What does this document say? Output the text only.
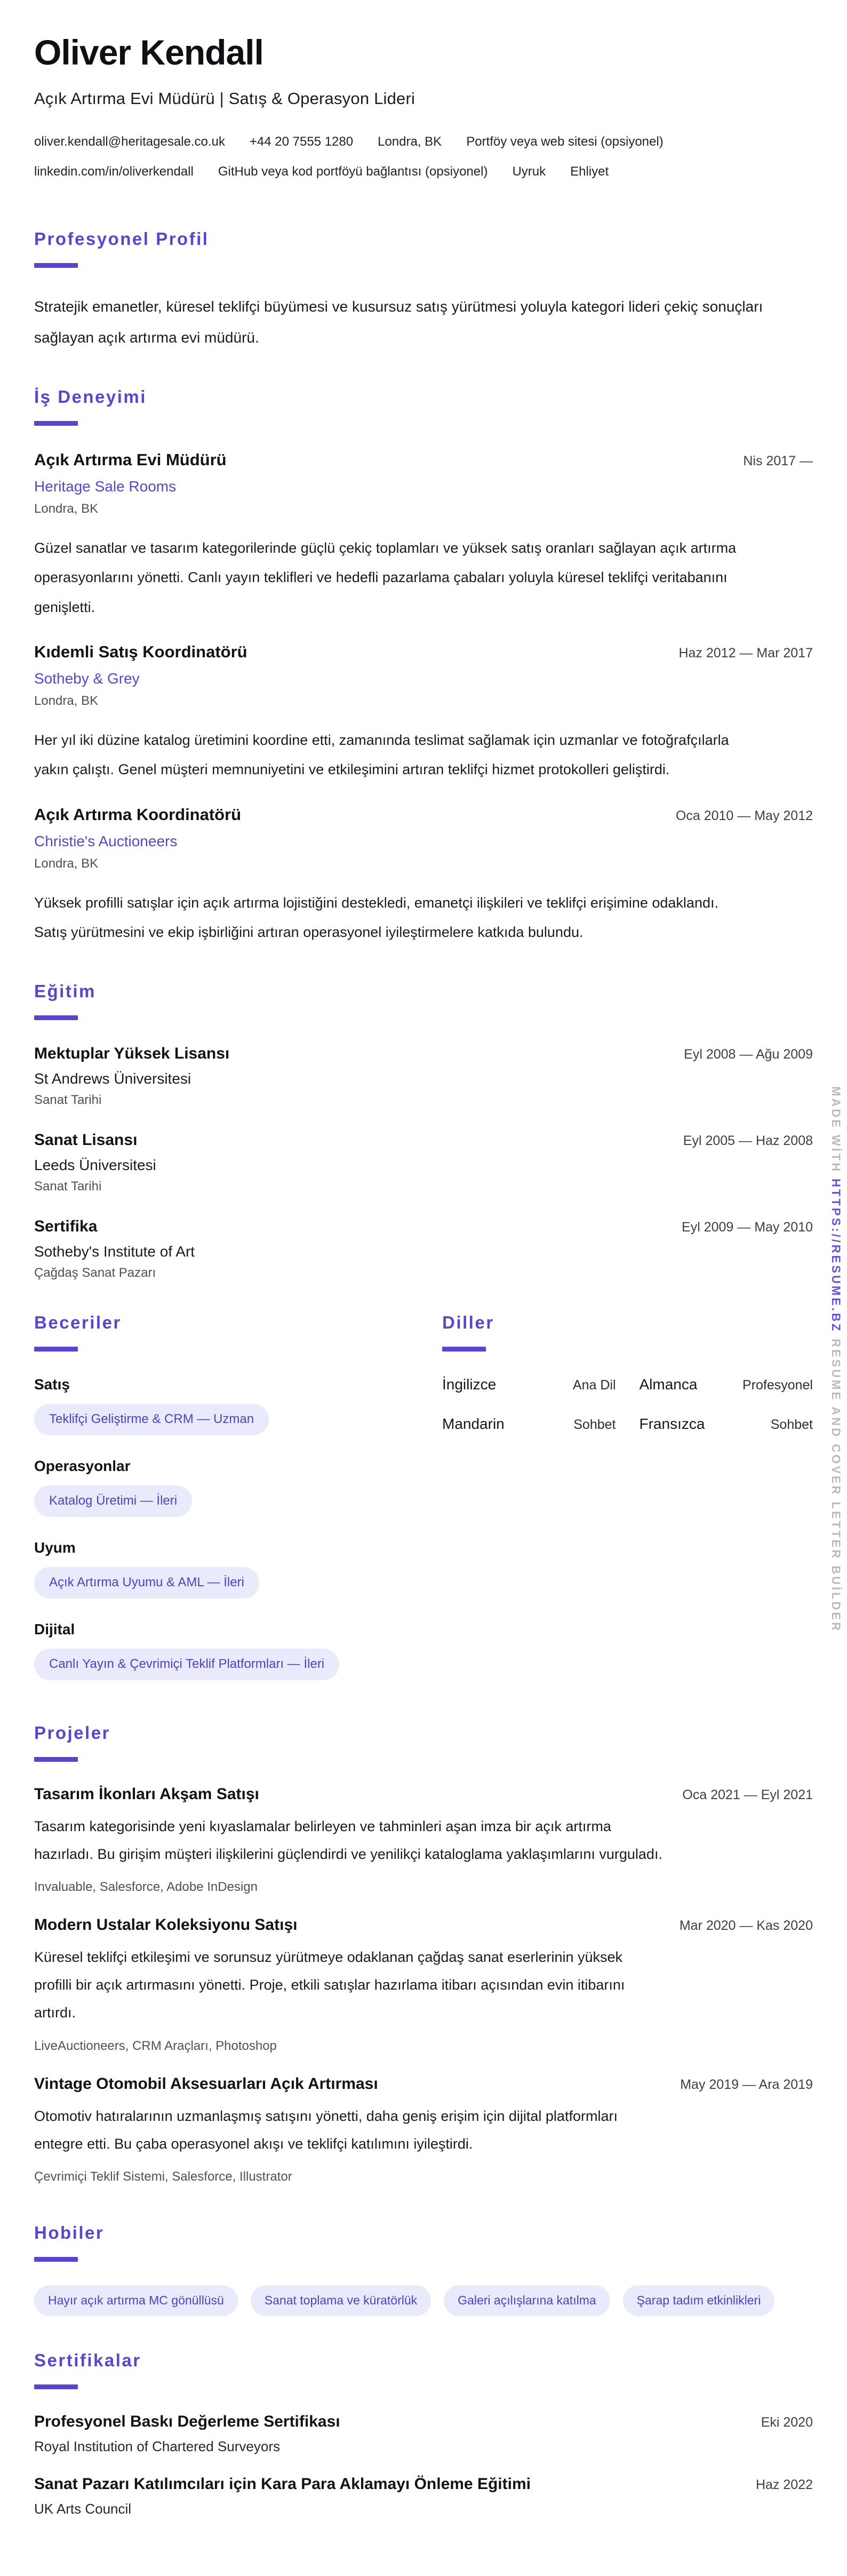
Oliver Kendall
Açık Artırma Evi Müdürü | Satış & Operasyon Lideri
oliver.kendall@heritagesale.co.uk +44 20 7555 1280 Londra, BK Portföy veya web sitesi (opsiyonel)
linkedin.com/in/oliverkendall GitHub veya kod portföyü bağlantısı (opsiyonel) Uyruk Ehliyet
Profesyonel Profil

Stratejik emanetler, küresel teklifçi büyümesi ve kusursuz satış yürütmesi yoluyla kategori lideri çekiç sonuçları sağlayan açık artırma evi müdürü.

İş Deneyimi
Açık Artırma Evi Müdürü	Nis 2017 —
Heritage Sale Rooms
Londra, BK

Güzel sanatlar ve tasarım kategorilerinde güçlü çekiç toplamları ve yüksek satış oranları sağlayan açık artırma operasyonlarını yönetti. Canlı yayın teklifleri ve hedefli pazarlama çabaları yoluyla küresel teklifçi veritabanını genişletti.

Kıdemli Satış Koordinatörü	Haz 2012 — Mar 2017
Sotheby & Grey
Londra, BK

Her yıl iki düzine katalog üretimini koordine etti, zamanında teslimat sağlamak için uzmanlar ve fotoğrafçılarla yakın çalıştı. Genel müşteri memnuniyetini ve etkileşimini artıran teklifçi hizmet protokolleri geliştirdi.

Açık Artırma Koordinatörü	Oca 2010 — May 2012
Christie's Auctioneers
Londra, BK

Yüksek profilli satışlar için açık artırma lojistiğini destekledi, emanetçi ilişkileri ve teklifçi erişimine odaklandı. Satış yürütmesini ve ekip işbirliğini artıran operasyonel iyileştirmelere katkıda bulundu.

Eğitim
Mektuplar Yüksek Lisansı	Eyl 2008 — Ağu 2009
St Andrews Üniversitesi
Sanat Tarihi
Sanat Lisansı	Eyl 2005 — Haz 2008
Leeds Üniversitesi
Sanat Tarihi
Sertifika	Eyl 2009 — May 2010
Sotheby's Institute of Art
Çağdaş Sanat Pazarı
Beceriler
Satış
Teklifçi Geliştirme & CRM — Uzman
Operasyonlar
Katalog Üretimi — İleri
Uyum
Açık Artırma Uyumu & AML — İleri
Dijital
Canlı Yayın & Çevrimiçi Teklif Platformları — İleri
Diller
İngilizce	Ana Dil Almanca	Profesyonel
Mandarin	Sohbet Fransızca	Sohbet
Projeler
Tasarım İkonları Akşam Satışı	Oca 2021 — Eyl 2021

Tasarım kategorisinde yeni kıyaslamalar belirleyen ve tahminleri aşan imza bir açık artırma hazırladı. Bu girişim müşteri ilişkilerini güçlendirdi ve yenilikçi kataloglama yaklaşımlarını vurguladı.

Invaluable, Salesforce, Adobe InDesign
Modern Ustalar Koleksiyonu Satışı	Mar 2020 — Kas 2020

Küresel teklifçi etkileşimi ve sorunsuz yürütmeye odaklanan çağdaş sanat eserlerinin yüksek profilli bir açık artırmasını yönetti. Proje, etkili satışlar hazırlama itibarı açısından evin itibarını artırdı.

LiveAuctioneers, CRM Araçları, Photoshop
Vintage Otomobil Aksesuarları Açık Artırması	May 2019 — Ara 2019

Otomotiv hatıralarının uzmanlaşmış satışını yönetti, daha geniş erişim için dijital platformları entegre etti. Bu çaba operasyonel akışı ve teklifçi katılımını iyileştirdi.

Çevrimiçi Teklif Sistemi, Salesforce, Illustrator
Hobiler
Hayır açık artırma MC gönüllüsü	Sanat toplama ve küratörlük	Galeri açılışlarına katılma	Şarap tadım etkinlikleri
Sertifikalar
Profesyonel Baskı Değerleme Sertifikası	Eki 2020
Royal Institution of Chartered Surveyors
Sanat Pazarı Katılımcıları için Kara Para Aklamayı Önleme Eğitimi	Haz 2022
UK Arts Council
MADE WİTH HTTPS://RESUME.BZ RESUME AND COVER LETTER BUİLDER
